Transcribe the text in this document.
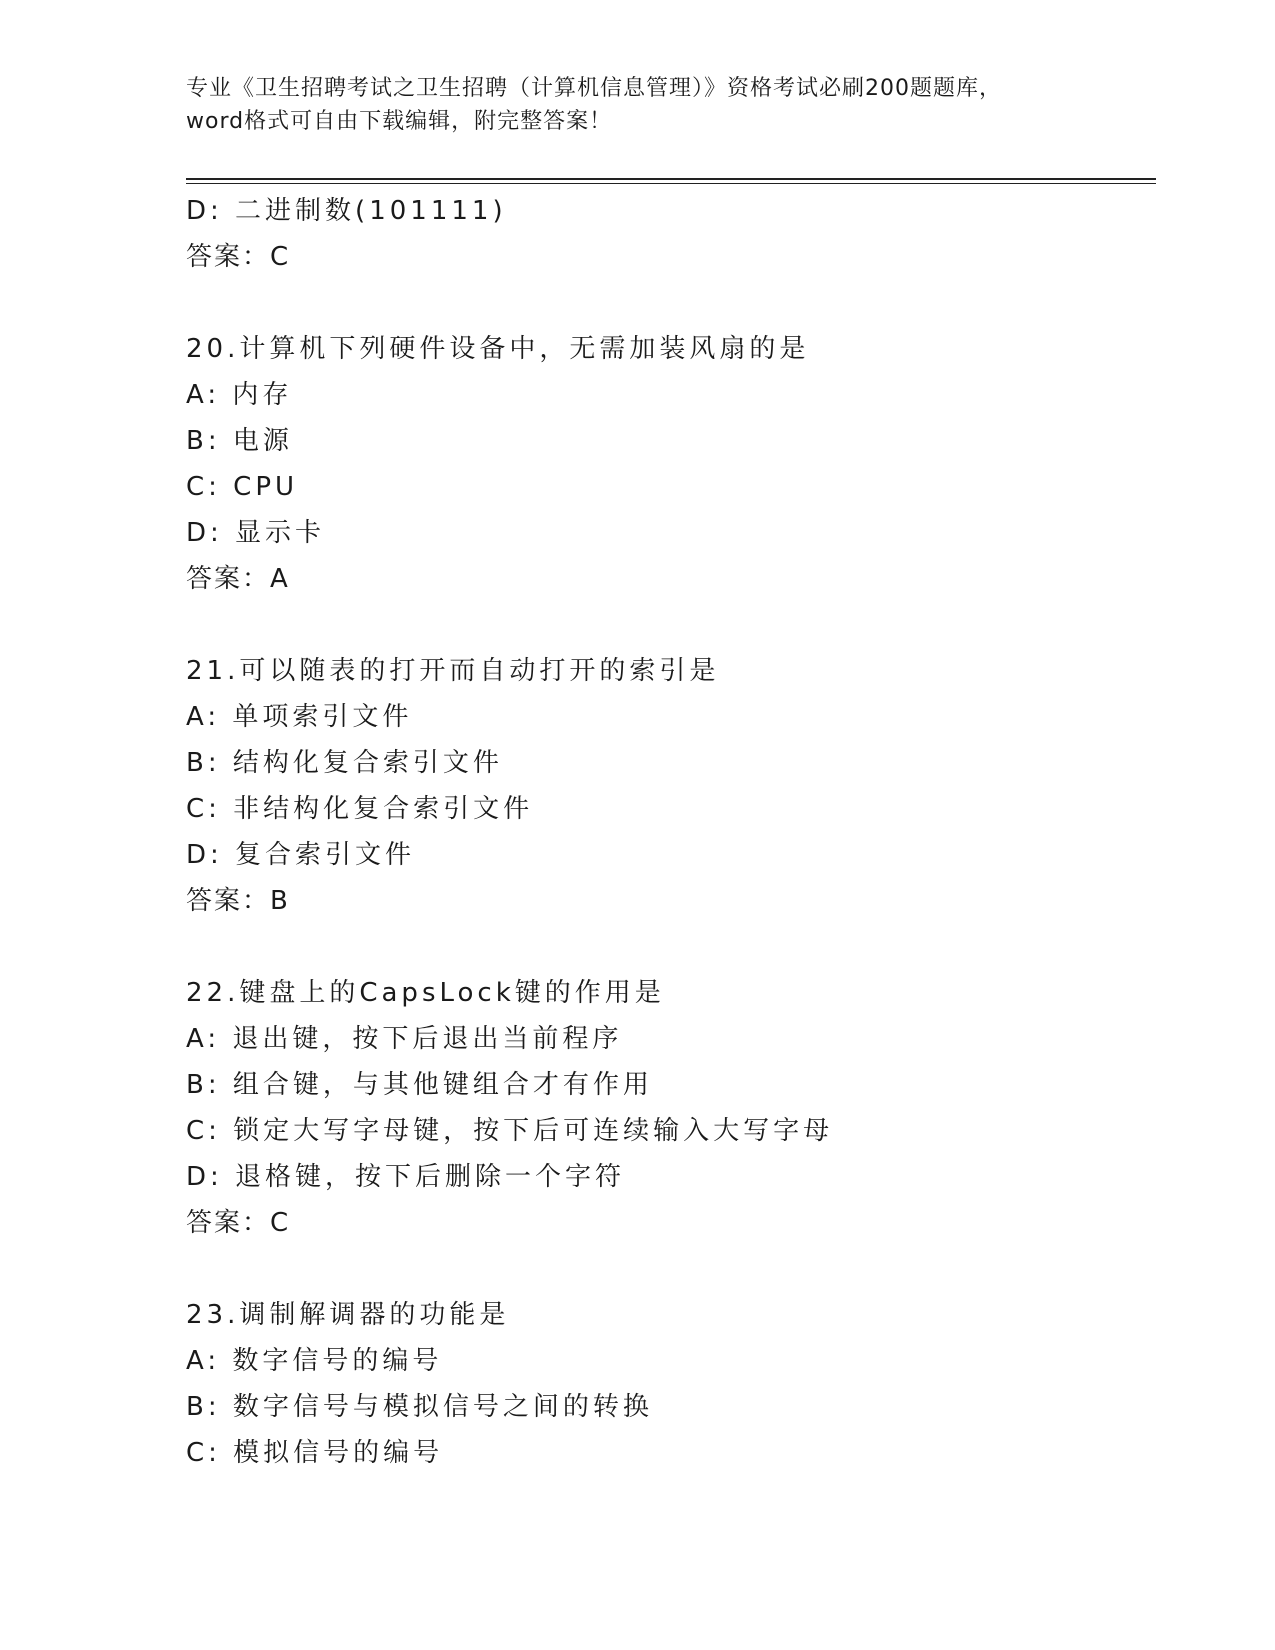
专业《卫生招聘考试之卫生招聘（计算机信息管理）》资格考试必刷200题题库，
word格式可自由下载编辑，附完整答案！
D: 二进制数(101111)
答案：C
20.计算机下列硬件设备中，无需加装风扇的是
A: 内存
B: 电源
C: CPU
D: 显示卡
答案：A
21.可以随表的打开而自动打开的索引是
A: 单项索引文件
B: 结构化复合索引文件
C: 非结构化复合索引文件
D: 复合索引文件
答案：B
22.键盘上的CapsLock键的作用是
A: 退出键，按下后退出当前程序
B: 组合键，与其他键组合才有作用
C: 锁定大写字母键，按下后可连续输入大写字母
D: 退格键，按下后删除一个字符
答案：C
23.调制解调器的功能是
A: 数字信号的编号
B: 数字信号与模拟信号之间的转换
C: 模拟信号的编号
